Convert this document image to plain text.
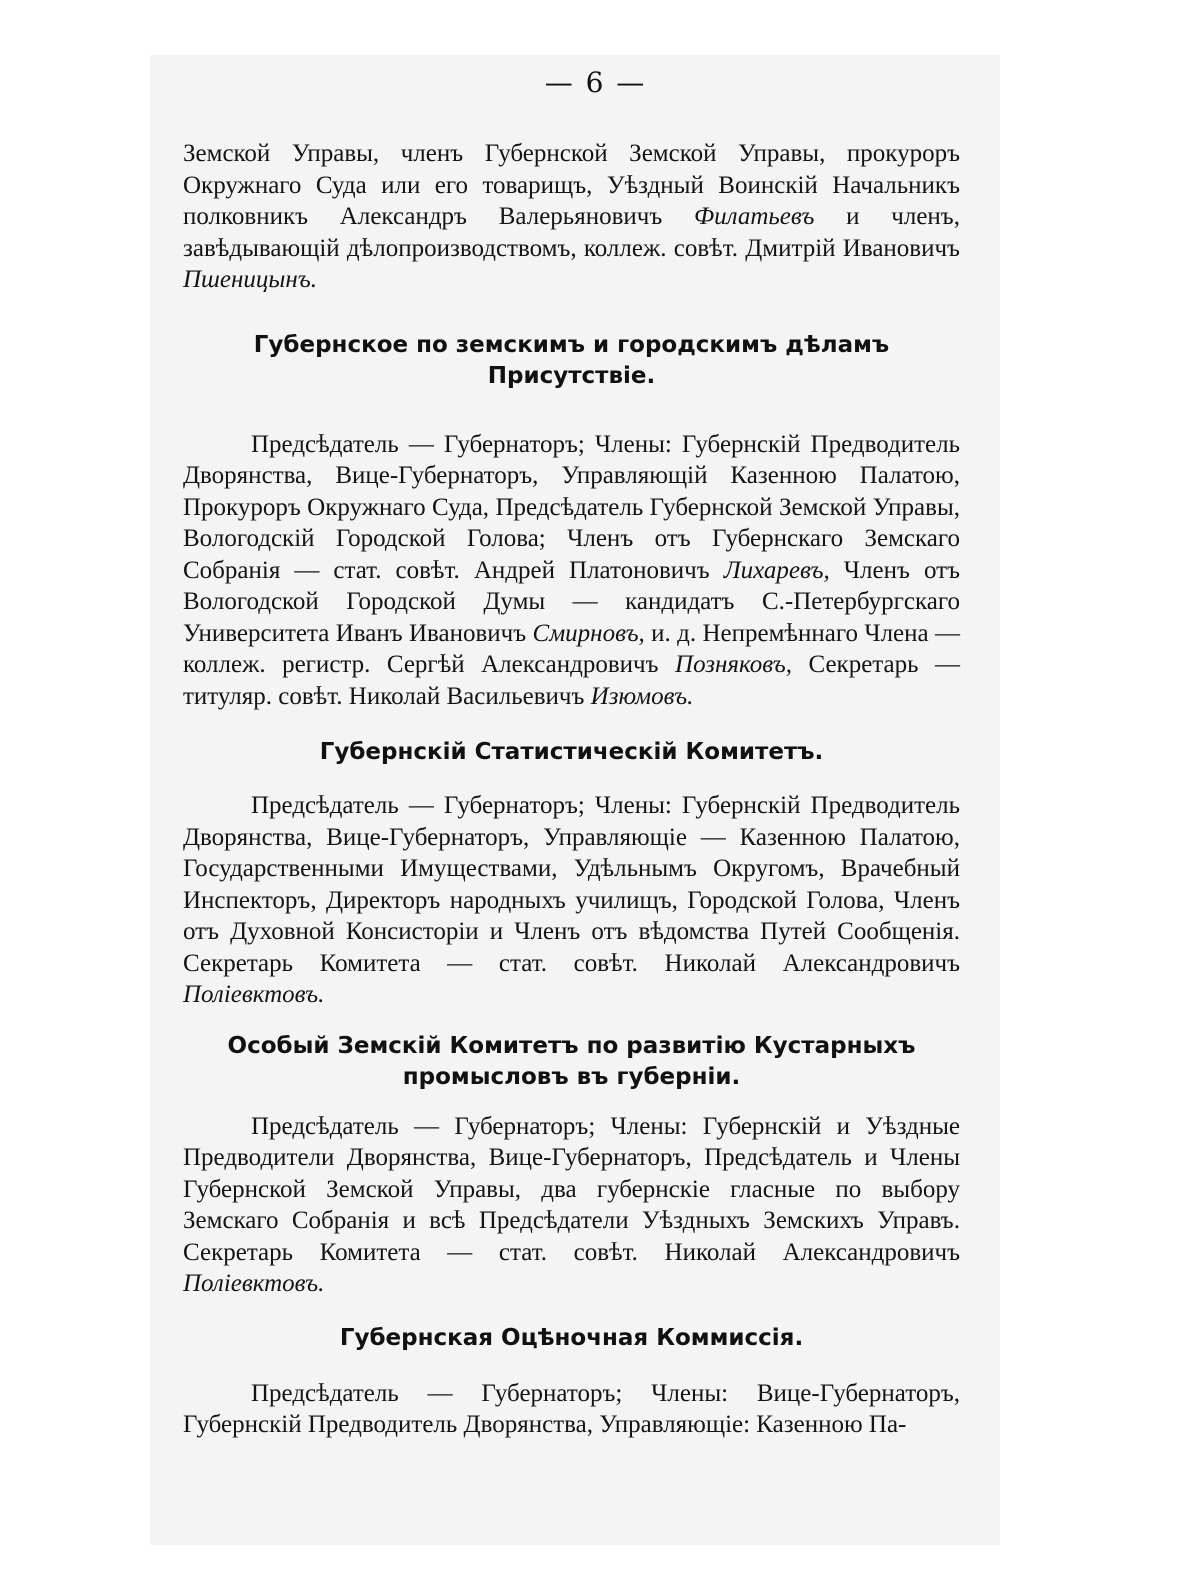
— 6 —

Земской Управы, членъ Губернской Земской Управы, прокуроръ Окружнаго Суда или его товарищъ, Уѣздный Воинскій Начальникъ полковникъ Александръ Валерьяновичъ Филатьевъ и членъ, завѣдывающій дѣлопроизводствомъ, коллеж. совѣт. Дмитрій Ивановичъ Пшеницынъ.

Губернское по земскимъ и городскимъ дѣламъ Присутствіе.

Предсѣдатель — Губернаторъ; Члены: Губернскій Предводитель Дворянства, Вице-Губернаторъ, Управляющій Казенною Палатою, Прокуроръ Окружнаго Суда, Предсѣдатель Губернской Земской Управы, Вологодскій Городской Голова; Членъ отъ Губернскаго Земскаго Собранія — стат. совѣт. Андрей Платоновичъ Лихаревъ, Членъ отъ Вологодской Городской Думы — кандидатъ С.-Петербургскаго Университета Иванъ Ивановичъ Смирновъ, и. д. Непремѣннаго Члена — коллеж. регистр. Сергѣй Александровичъ Позняковъ, Секретарь — титуляр. совѣт. Николай Васильевичъ Изюмовъ.

Губернскій Статистическій Комитетъ.

Предсѣдатель — Губернаторъ; Члены: Губернскій Предводитель Дворянства, Вице-Губернаторъ, Управляющіе — Казенною Палатою, Государственными Имуществами, Удѣльнымъ Округомъ, Врачебный Инспекторъ, Директоръ народныхъ училищъ, Городской Голова, Членъ отъ Духовной Консисторіи и Членъ отъ вѣдомства Путей Сообщенія. Секретарь Комитета — стат. совѣт. Николай Александровичъ Поліевктовъ.

Особый Земскій Комитетъ по развитію Кустарныхъ промысловъ въ губерніи.

Предсѣдатель — Губернаторъ; Члены: Губернскій и Уѣздные Предводители Дворянства, Вице-Губернаторъ, Предсѣдатель и Члены Губернской Земской Управы, два губернскіе гласные по выбору Земскаго Собранія и всѣ Предсѣдатели Уѣздныхъ Земскихъ Управъ. Секретарь Комитета — стат. совѣт. Николай Александровичъ Поліевктовъ.

Губернская Оцѣночная Коммиссія.

Предсѣдатель — Губернаторъ; Члены: Вице-Губернаторъ, Губернскій Предводитель Дворянства, Управляющіе: Казенною Па-
